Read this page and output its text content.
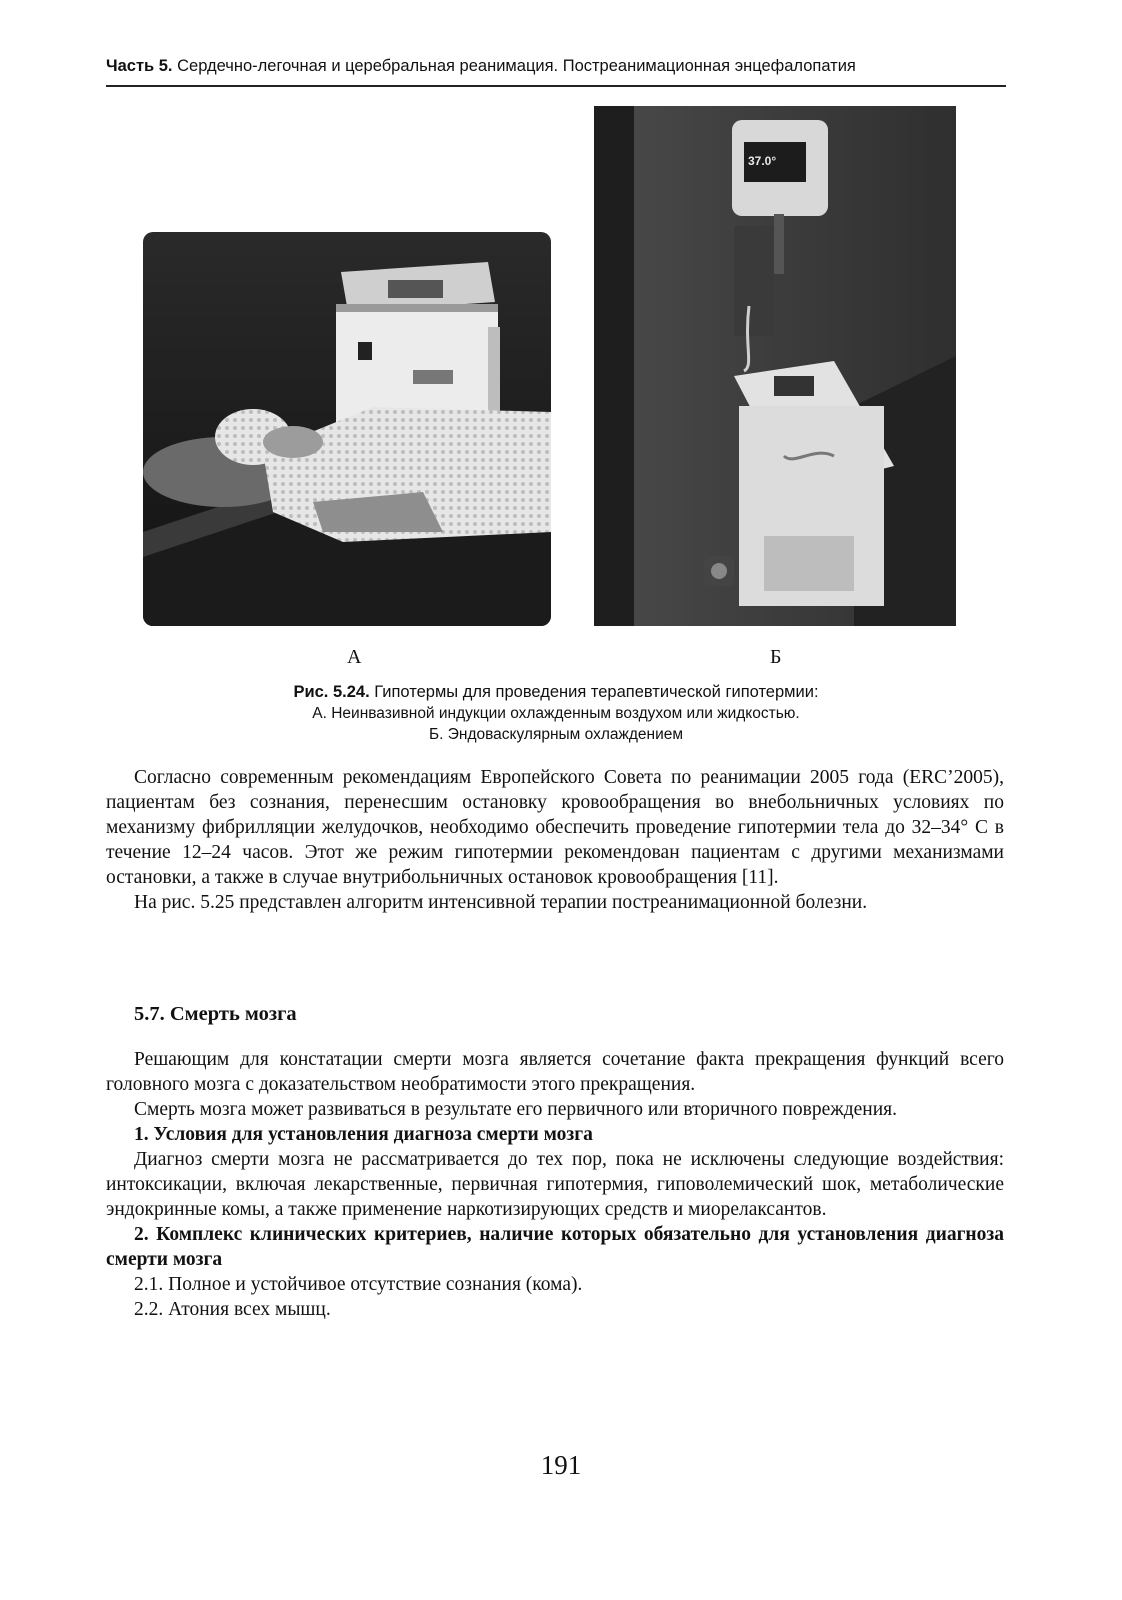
Часть 5. Сердечно-легочная и церебральная реанимация. Постреанимационная энцефалопатия
37.0°
А	Б
Рис. 5.24. Гипотермы для проведения терапевтической гипотермии:
А. Неинвазивной индукции охлажденным воздухом или жидкостью.
Б. Эндоваскулярным охлаждением

Согласно современным рекомендациям Европейского Совета по реанимации 2005 года (ERC’2005), пациентам без сознания, перенесшим остановку кровообращения во внебольничных условиях по механизму фибрилляции желудочков, необходимо обеспечить проведение гипотермии тела до 32–34° С в течение 12–24 часов. Этот же режим гипотермии рекомендован пациентам с другими механизмами остановки, а также в случае внутрибольничных остановок кровообращения [11].

На рис. 5.25 представлен алгоритм интенсивной терапии постреанимационной болезни.

5.7. Смерть мозга

Решающим для констатации смерти мозга является сочетание факта прекращения функций всего головного мозга с доказательством необратимости этого прекращения.

Смерть мозга может развиваться в результате его первичного или вторичного повреждения.

1. Условия для установления диагноза смерти мозга

Диагноз смерти мозга не рассматривается до тех пор, пока не исключены следующие воздействия: интоксикации, включая лекарственные, первичная гипотермия, гиповолемический шок, метаболические эндокринные комы, а также применение наркотизирующих средств и миорелаксантов.

2. Комплекс клинических критериев, наличие которых обязательно для установления диагноза смерти мозга

2.1. Полное и устойчивое отсутствие сознания (кома).

2.2. Атония всех мышц.

191
